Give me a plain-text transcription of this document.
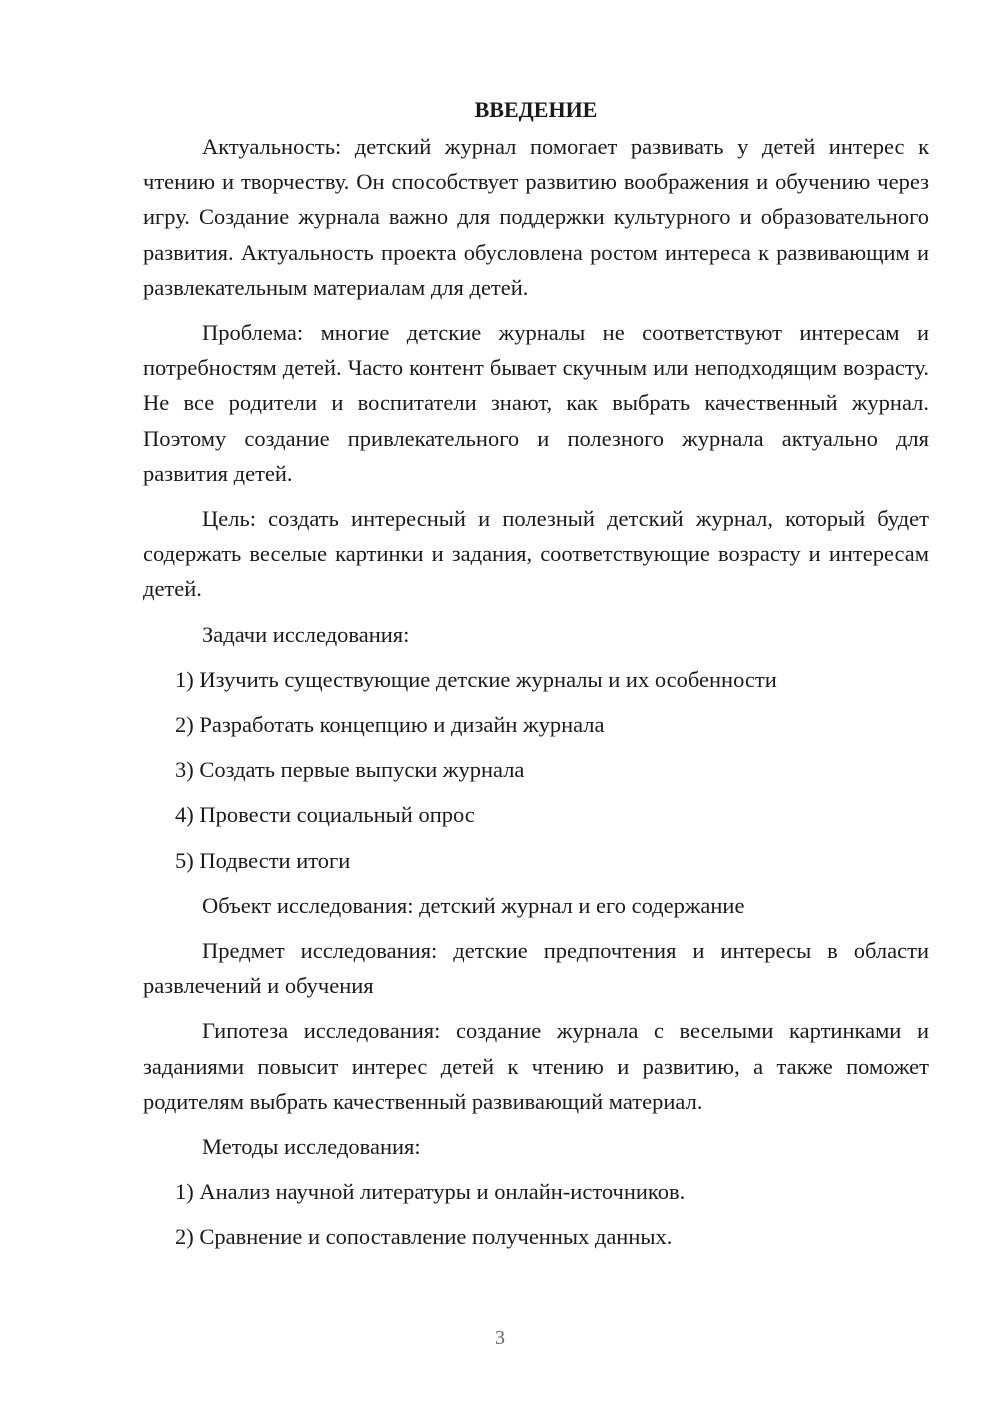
ВВЕДЕНИЕ

Актуальность: детский журнал помогает развивать у детей интерес к чтению и творчеству. Он способствует развитию воображения и обучению через игру. Создание журнала важно для поддержки культурного и образовательного развития. Актуальность проекта обусловлена ростом интереса к развивающим и развлекательным материалам для детей.

Проблема: многие детские журналы не соответствуют интересам и потребностям детей. Часто контент бывает скучным или неподходящим возрасту. Не все родители и воспитатели знают, как выбрать качественный журнал. Поэтому создание привлекательного и полезного журнала актуально для развития детей.

Цель: создать интересный и полезный детский журнал, который будет содержать веселые картинки и задания, соответствующие возрасту и интересам детей.

Задачи исследования:

1) Изучить существующие детские журналы и их особенности
2) Разработать концепцию и дизайн журнала
3) Создать первые выпуски журнала
4) Провести социальный опрос
5) Подвести итоги

Объект исследования: детский журнал и его содержание

Предмет исследования: детские предпочтения и интересы в области развлечений и обучения

Гипотеза исследования: создание журнала с веселыми картинками и заданиями повысит интерес детей к чтению и развитию, а также поможет родителям выбрать качественный развивающий материал.

Методы исследования:

1) Анализ научной литературы и онлайн-источников.
2) Сравнение и сопоставление полученных данных.
3
